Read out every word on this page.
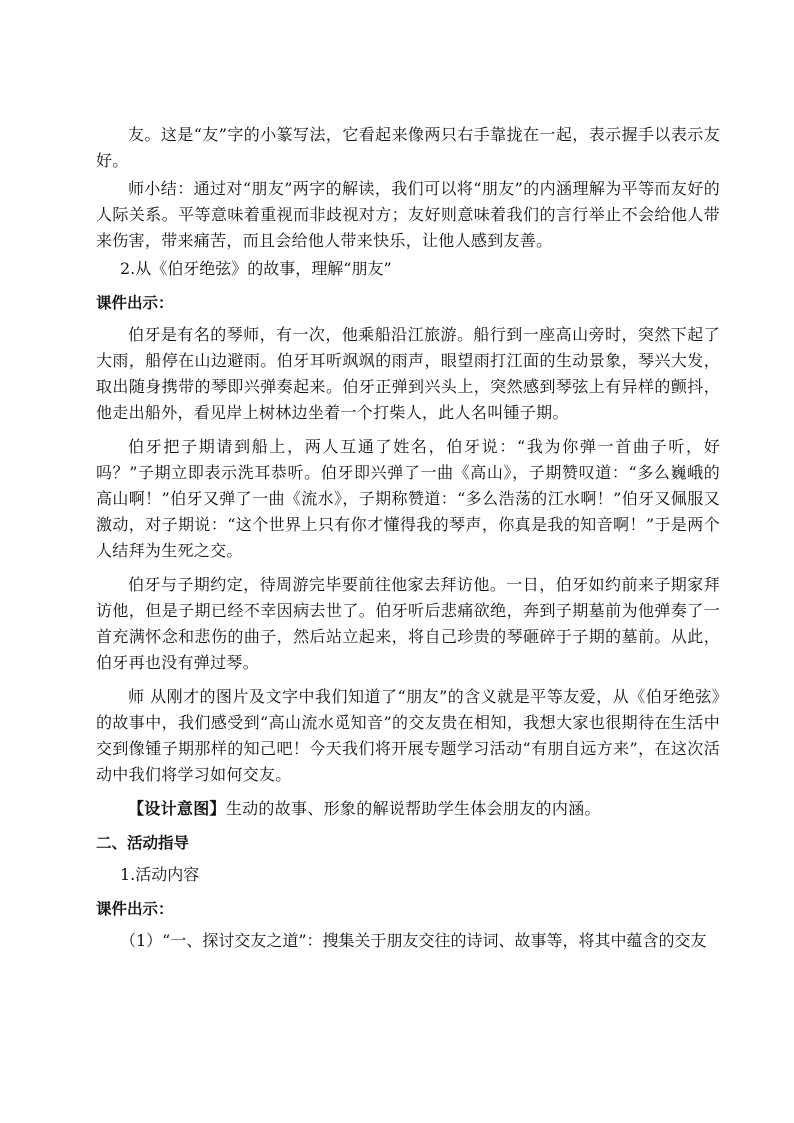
友。这是“友”字的小篆写法，它看起来像两只右手靠拢在一起，表示握手以表示友好。

师小结：通过对“朋友”两字的解读，我们可以将“朋友”的内涵理解为平等而友好的人际关系。平等意味着重视而非歧视对方；友好则意味着我们的言行举止不会给他人带来伤害，带来痛苦，而且会给他人带来快乐，让他人感到友善。

2.从《伯牙绝弦》的故事，理解“朋友”
课件出示：

伯牙是有名的琴师，有一次，他乘船沿江旅游。船行到一座高山旁时，突然下起了大雨，船停在山边避雨。伯牙耳听飒飒的雨声，眼望雨打江面的生动景象，琴兴大发，取出随身携带的琴即兴弹奏起来。伯牙正弹到兴头上，突然感到琴弦上有异样的颤抖，他走出船外，看见岸上树林边坐着一个打柴人，此人名叫锺子期。

伯牙把子期请到船上，两人互通了姓名，伯牙说：“我为你弹一首曲子听，好吗？”子期立即表示洗耳恭听。伯牙即兴弹了一曲《高山》，子期赞叹道：“多么巍峨的高山啊！”伯牙又弹了一曲《流水》，子期称赞道：“多么浩荡的江水啊！”伯牙又佩服又激动，对子期说：“这个世界上只有你才懂得我的琴声，你真是我的知音啊！”于是两个人结拜为生死之交。

伯牙与子期约定，待周游完毕要前往他家去拜访他。一日，伯牙如约前来子期家拜访他，但是子期已经不幸因病去世了。伯牙听后悲痛欲绝，奔到子期墓前为他弹奏了一首充满怀念和悲伤的曲子，然后站立起来，将自己珍贵的琴砸碎于子期的墓前。从此，伯牙再也没有弹过琴。

师 从刚才的图片及文字中我们知道了“朋友”的含义就是平等友爱，从《伯牙绝弦》的故事中，我们感受到“高山流水觅知音”的交友贵在相知，我想大家也很期待在生活中交到像锺子期那样的知己吧！今天我们将开展专题学习活动“有朋自远方来”，在这次活动中我们将学习如何交友。

【设计意图】生动的故事、形象的解说帮助学生体会朋友的内涵。

二、活动指导
1.活动内容
课件出示：
（1）“一、探讨交友之道”：搜集关于朋友交往的诗词、故事等，将其中蕴含的交友
